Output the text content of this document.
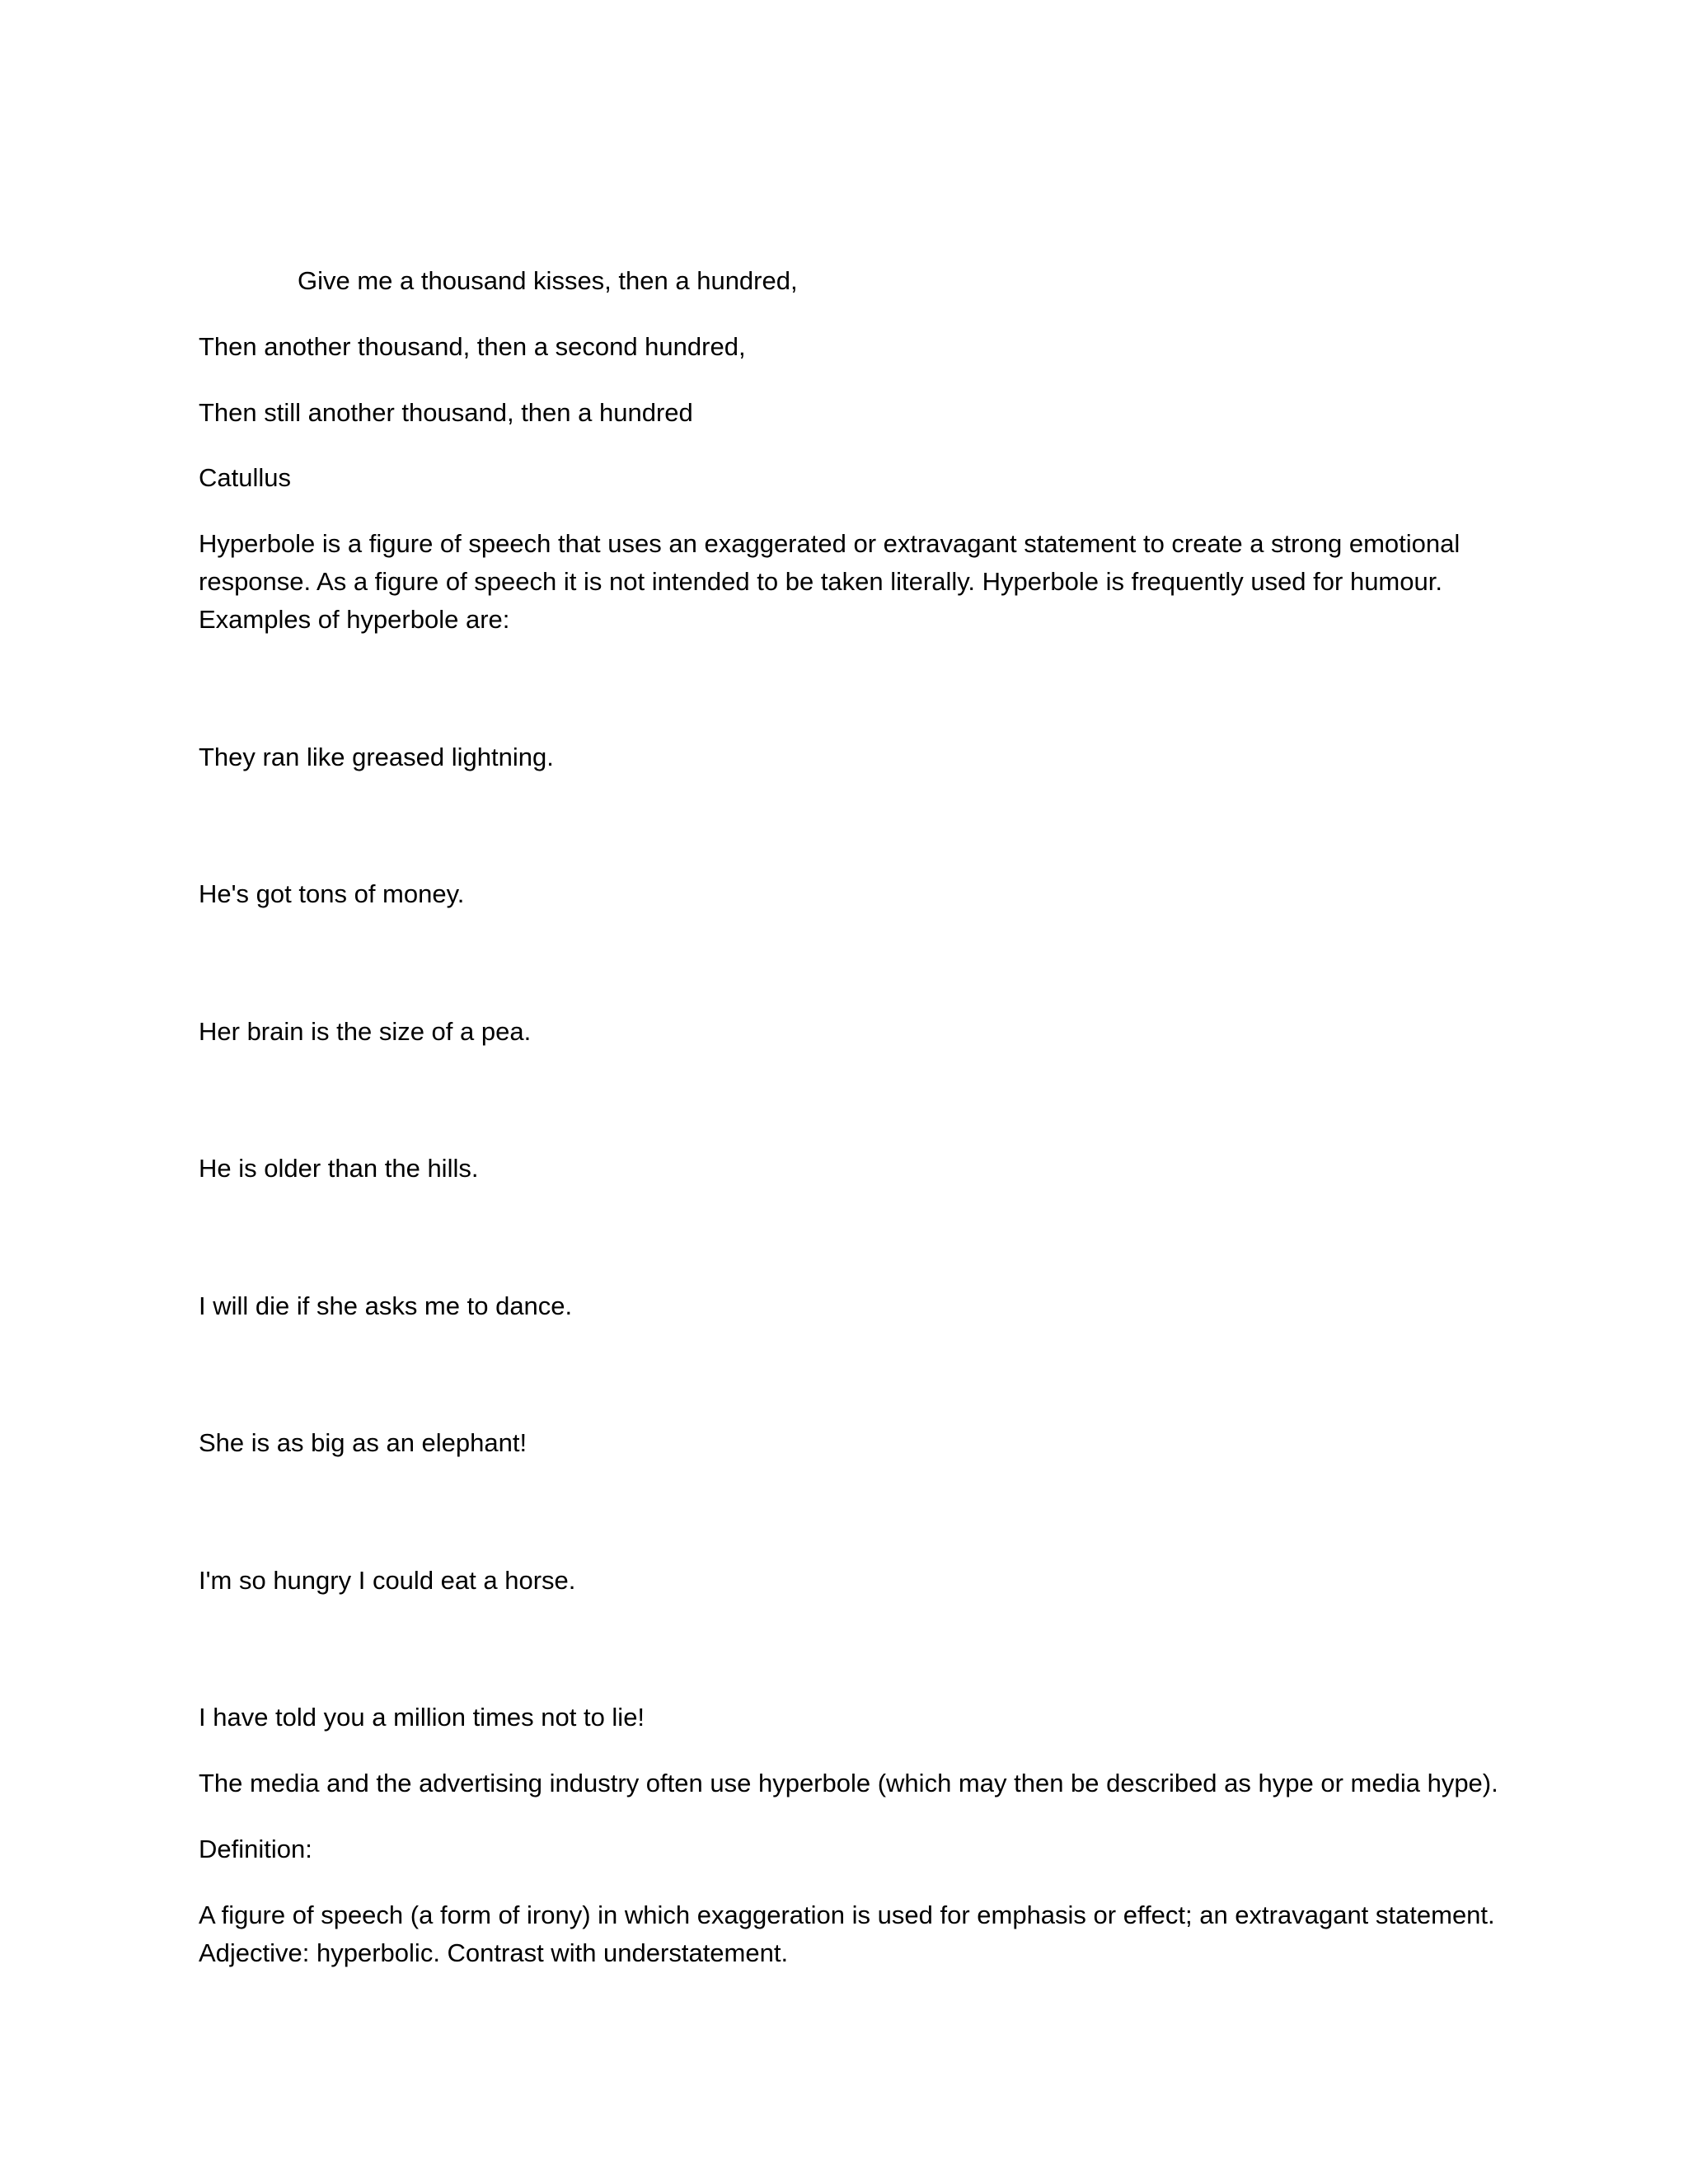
Give me a thousand kisses, then a hundred,

Then another thousand, then a second hundred,

Then still another thousand, then a hundred

Catullus

Hyperbole is a figure of speech that uses an exaggerated or extravagant statement to create a strong emotional

response. As a figure of speech it is not intended to be taken literally. Hyperbole is frequently used for humour.

Examples of hyperbole are:

They ran like greased lightning.

He's got tons of money.

Her brain is the size of a pea.

He is older than the hills.

I will die if she asks me to dance.

She is as big as an elephant!

I'm so hungry I could eat a horse.

I have told you a million times not to lie!

The media and the advertising industry often use hyperbole (which may then be described as hype or media hype).

Definition:

A figure of speech (a form of irony) in which exaggeration is used for emphasis or effect; an extravagant statement.

Adjective: hyperbolic. Contrast with understatement.
